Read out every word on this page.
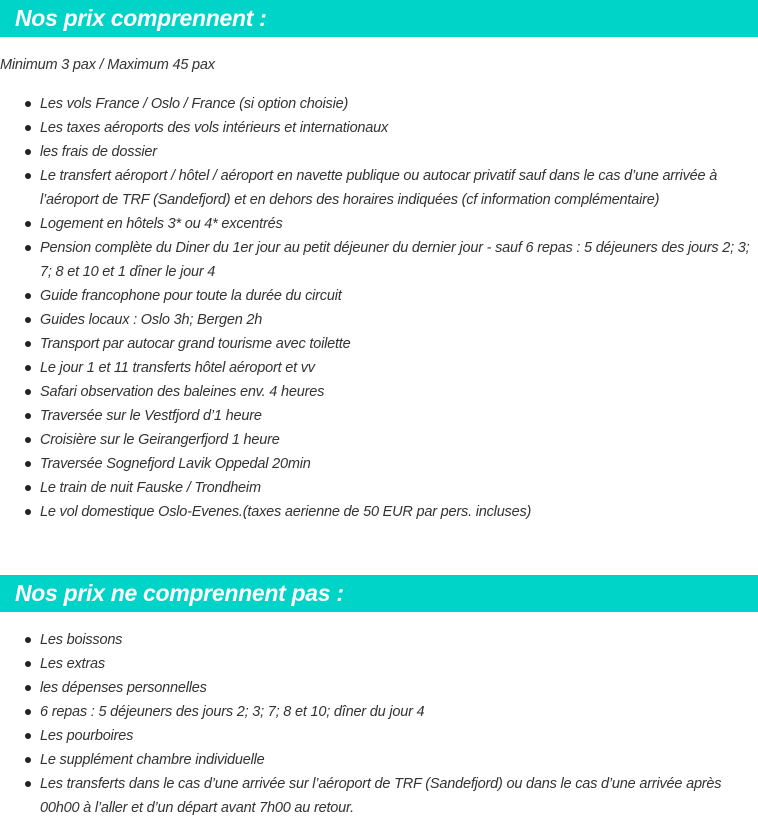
Nos prix comprennent :

Minimum 3 pax / Maximum 45 pax

Les vols France / Oslo / France (si option choisie)
Les taxes aéroports des vols intérieurs et internationaux
les frais de dossier
Le transfert aéroport / hôtel / aéroport en navette publique ou autocar privatif sauf dans le cas d’une arrivée à l’aéroport de TRF (Sandefjord) et en dehors des horaires indiquées (cf information complémentaire)
Logement en hôtels 3* ou 4* excentrés
Pension complète du Diner du 1er jour au petit déjeuner du dernier jour - sauf 6 repas : 5 déjeuners des jours 2; 3; 7; 8 et 10 et 1 dîner le jour 4
Guide francophone pour toute la durée du circuit
Guides locaux : Oslo 3h; Bergen 2h
Transport par autocar grand tourisme avec toilette
Le jour 1 et 11 transferts hôtel aéroport et vv
Safari observation des baleines env. 4 heures
Traversée sur le Vestfjord d’1 heure
Croisière sur le Geirangerfjord 1 heure
Traversée Sognefjord Lavik Oppedal 20min
Le train de nuit Fauske / Trondheim
Le vol domestique Oslo-Evenes.(taxes aerienne de 50 EUR par pers. incluses)
Nos prix ne comprennent pas :
Les boissons
Les extras
les dépenses personnelles
6 repas : 5 déjeuners des jours 2; 3; 7; 8 et 10; dîner du jour 4
Les pourboires
Le supplément chambre individuelle
Les transferts dans le cas d’une arrivée sur l’aéroport de TRF (Sandefjord) ou dans le cas d’une arrivée après 00h00 à l’aller et d’un départ avant 7h00 au retour.
